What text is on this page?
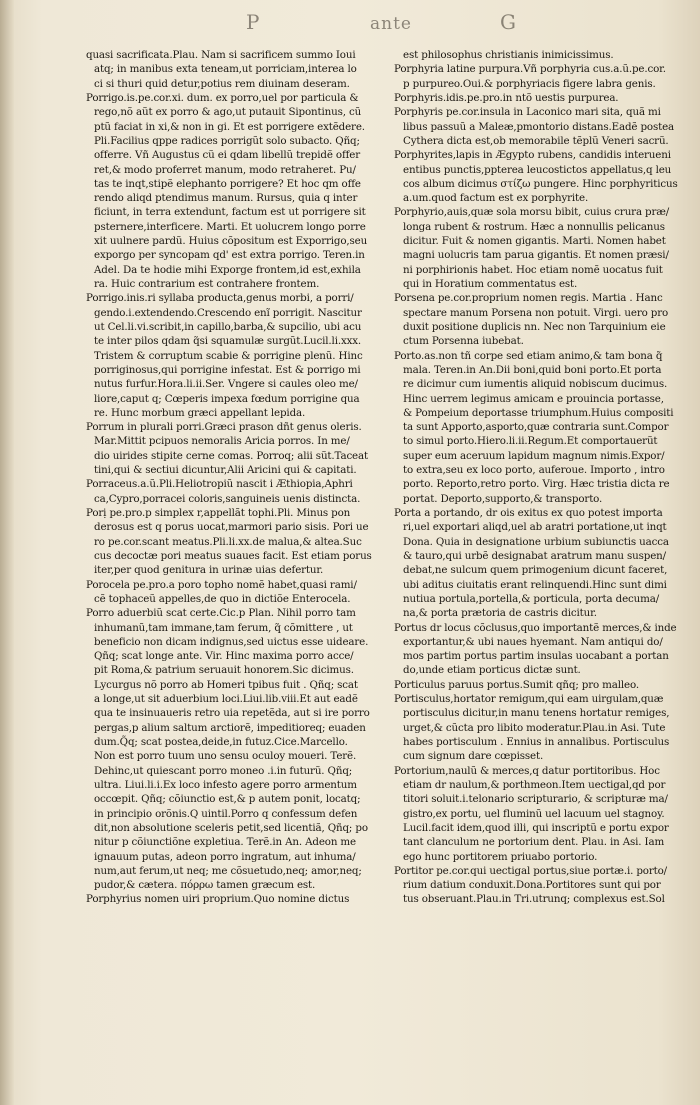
P	ante	G
quasi sacrificata.Plau. Nam si sacrificem summo Ioui
atq; in manibus exta teneam,ut porriciam,interea lo
ci si thuri quid detur,potius rem diuinam deseram.
Porrigo.is.pe.cor.xi. dum. ex porro,uel por particula &
rego,nõ aũt ex porro & ago,ut putauit Sipontinus, cũ
ptũ faciat in xi,& non in gi. Et est porrigere extẽdere.
Pli.Facilius qppe radices porrigũt solo subacto. Qñq;
offerre. Vñ Augustus cũ ei qdam libellũ trepidẽ offer
ret,& modo proferret manum, modo retraheret. Pu/
tas te inqt,stipẽ elephanto porrigere? Et hoc qm offe
rendo aliqd ptendimus manum. Rursus, quia q inter
ficiunt, in terra extendunt, factum est ut porrigere sit
psternere,interficere. Marti. Et uolucrem longo porre
xit uulnere pardũ. Huius cõpositum est Exporrigo,seu
exporgo per syncopam qd' est extra porrigo. Teren.in
Adel. Da te hodie mihi Exporge frontem,id est,exhila
ra. Huic contrarium est contrahere frontem.
Porrigo.inis.ri syllaba producta,genus morbi, a porri/
gendo.i.extendendo.Crescendo enĩ porrigit. Nascitur
ut Cel.li.vi.scribit,in capillo,barba,& supcilio, ubi acu
te inter pilos qdam q̃si squamulæ surgũt.Lucil.li.xxx.
Tristem & corruptum scabie & porrigine plenũ. Hinc
porriginosus,qui porrigine infestat. Est & porrigo mi
nutus furfur.Hora.li.ii.Ser. Vngere si caules oleo me/
liore,caput q; Cœperis impexa fœdum porrigine qua
re. Hunc morbum græci appellant lepida.
Porrum in plurali porri.Græci prason dñt genus oleris.
Mar.Mittit pcipuos nemoralis Aricia porros. In me/
dio uirides stipite cerne comas. Porroq; alii sũt.Taceat
tini,qui & sectiui dicuntur,Alii Aricini qui & capitati.
Porraceus.a.ũ.Pli.Heliotropiũ nascit i Æthiopia,Aphri
ca,Cypro,porracei coloris,sanguineis uenis distincta.
Porị pe.pro.p simplex r,appellãt tophi.Pli. Minus pon
derosus est q porus uocat,marmori pario sisis. Pori ue
ro pe.cor.scant meatus.Pli.li.xx.de malua,& altea.Suc
cus decoctæ pori meatus suaues facit. Est etiam porus
iter,per quod genitura in urinæ uias defertur.
Porocela pe.pro.a poro topho nomẽ habet,quasi rami/
cẽ tophaceũ appelles,de quo in dictiõe Enterocela.
Porro aduerbiũ scat certe.Cic.p Plan. Nihil porro tam
inhumanũ,tam immane,tam ferum, q̃ cõmittere , ut
beneficio non dicam indignus,sed uictus esse uideare.
Qñq; scat longe ante. Vir. Hinc maxima porro acce/
pit Roma,& patrium seruauit honorem.Sic dicimus.
Lycurgus nõ porro ab Homeri tpibus fuit . Qñq; scat
a longe,ut sit aduerbium loci.Liui.lib.viii.Et aut eadẽ
qua te insinuaueris retro uia repetẽda, aut si ire porro
pergas,p alium saltum arctiorẽ, impeditioreq; euaden
dum.Q̃q; scat postea,deide,in futuz.Cice.Marcello.
Non est porro tuum uno sensu oculoy moueri. Terẽ.
Dehinc,ut quiescant porro moneo .i.in futurũ. Qñq;
ultra. Liui.li.i.Ex loco infesto agere porro armentum
occœpit. Qñq; cõiunctio est,& p autem ponit, locatq;
in principio orõnis.Q uintil.Porro q confessum defen
dit,non absolutione sceleris petit,sed licentiã, Qñq; po
nitur p cõiunctiõne expletiua. Terẽ.in An. Adeon me
ignauum putas, adeon porro ingratum, aut inhuma/
num,aut ferum,ut neq; me cõsuetudo,neq; amor,neq;
pudor,& cætera. πóρρω tamen græcum est.
Porphyrius nomen uiri proprium.Quo nomine dictus
est philosophus christianis inimicissimus.
Porphyria latine purpura.Vñ porphyria cus.a.ũ.pe.cor.
p purpureo.Oui.& porphyriacis figere labra genis.
Porphyris.idis.pe.pro.in ntõ uestis purpurea.
Porphyris pe.cor.insula in Laconico mari sita, quã mi
libus passuũ a Maleæ,pmontorio distans.Eadẽ postea
Cythera dicta est,ob memorabile tẽplũ Veneri sacrũ.
Porphyrites,lapis in Ægypto rubens, candidis interueni
entibus punctis,ppterea leucostictos appellatus,q leu
cos album dicimus στίζω pungere. Hinc porphyriticus
a.um.quod factum est ex porphyrite.
Porphyrio,auis,quæ sola morsu bibit, cuius crura præ/
longa rubent & rostrum. Hæc a nonnullis pelicanus
dicitur. Fuit & nomen gigantis. Marti. Nomen habet
magni uolucris tam parua gigantis. Et nomen præsi/
ni porphirionis habet. Hoc etiam nomẽ uocatus fuit
qui in Horatium commentatus est.
Porsena pe.cor.proprium nomen regis. Martia . Hanc
spectare manum Porsena non potuit. Virgi. uero pro
duxit positione duplicis nn. Nec non Tarquinium eie
ctum Porsenna iubebat.
Porto.as.non tñ corpe sed etiam animo,& tam bona q̃
mala. Teren.in An.Dii boni,quid boni porto.Et porta
re dicimur cum iumentis aliquid nobiscum ducimus.
Hinc uerrem legimus amicam e prouincia portasse,
& Pompeium deportasse triumphum.Huius compositi
ta sunt Apporto,asporto,quæ contraria sunt.Compor
to simul porto.Hiero.li.ii.Regum.Et comportauerũt
super eum aceruum lapidum magnum nimis.Expor/
to extra,seu ex loco porto, auferoue. Importo , intro
porto. Reporto,retro porto. Virg. Hæc tristia dicta re
portat. Deporto,supporto,& transporto.
Porta a portando, dr ois exitus ex quo potest importa
ri,uel exportari aliqd,uel ab aratri portatione,ut inqt
Dona. Quia in designatione urbium subiunctis uacca
& tauro,qui urbẽ designabat aratrum manu suspen/
debat,ne sulcum quem primogenium dicunt faceret,
ubi aditus ciuitatis erant relinquendi.Hinc sunt dimi
nutiua portula,portella,& porticula, porta decuma/
na,& porta prætoria de castris dicitur.
Portus dr locus cõclusus,quo importantẽ merces,& inde
exportantur,& ubi naues hyemant. Nam antiqui do/
mos partim portus partim insulas uocabant a portan
do,unde etiam porticus dictæ sunt.
Porticulus paruus portus.Sumit qñq; pro malleo.
Portisculus,hortator remigum,qui eam uirgulam,quæ
portisculus dicitur,in manu tenens hortatur remiges,
urget,& cũcta pro libito moderatur.Plau.in Asi. Tute
habes portisculum . Ennius in annalibus. Portisculus
cum signum dare cœpisset.
Portorium,naulũ & merces,q datur portitoribus. Hoc
etiam dr naulum,& porthmeon.Item uectigal,qd por
titori soluit.i.telonario scripturario, & scripturæ ma/
gistro,ex portu, uel fluminũ uel lacuum uel stagnoy.
Lucil.facit idem,quod illi, qui inscriptũ e portu expor
tant clanculum ne portorium dent. Plau. in Asi. Iam
ego hunc portitorem priuabo portorio.
Portitor pe.cor.qui uectigal portus,siue portæ.i. porto/
rium datium conduxit.Dona.Portitores sunt qui por
tus obseruant.Plau.in Tri.utrunq; complexus est.Sol
